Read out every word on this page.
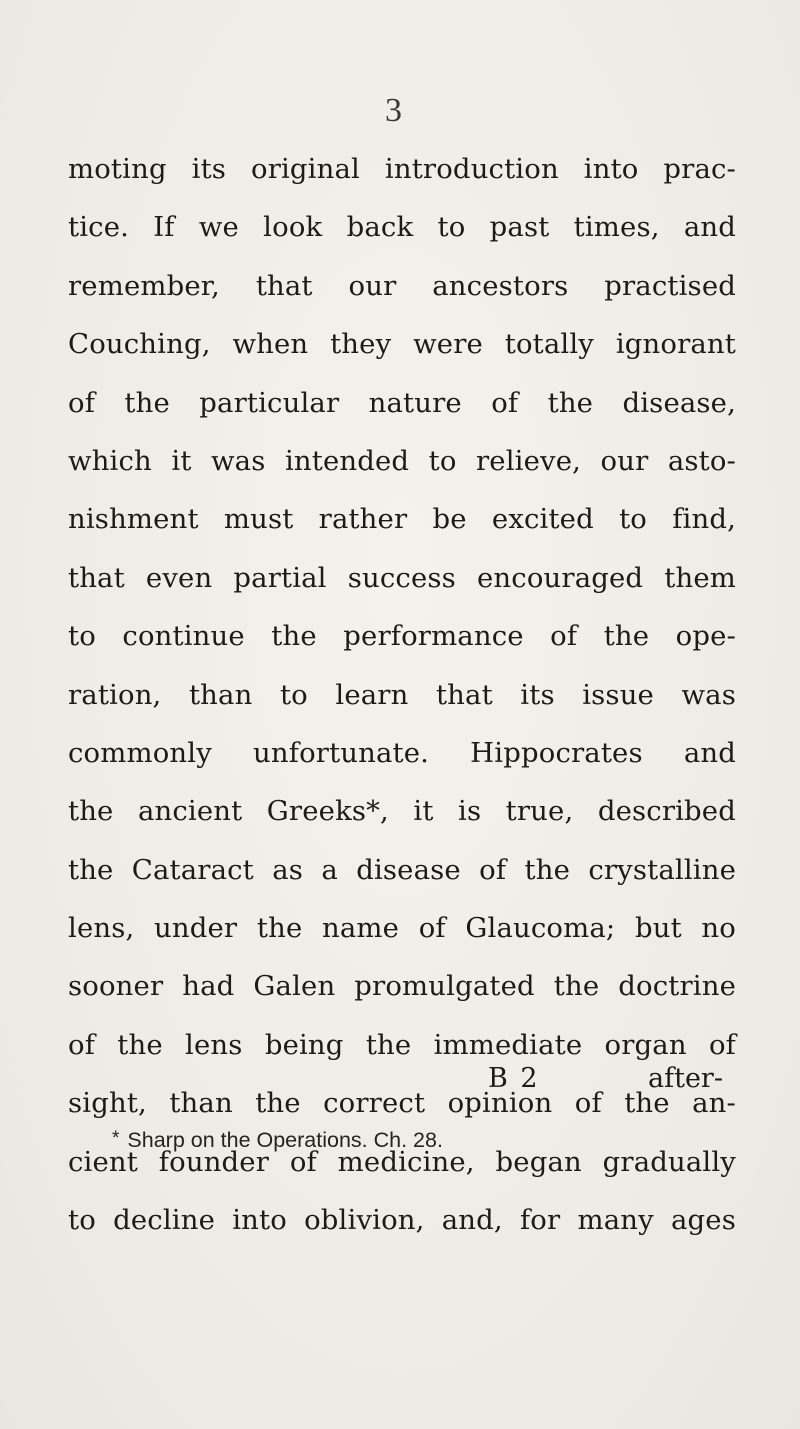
3
moting its original introduction into prac-
tice. If we look back to past times, and
remember, that our ancestors practised
Couching, when they were totally ignorant
of the particular nature of the disease,
which it was intended to relieve, our asto-
nishment must rather be excited to find,
that even partial success encouraged them
to continue the performance of the ope-
ration, than to learn that its issue was
commonly unfortunate. Hippocrates and
the ancient Greeks*, it is true, described
the Cataract as a disease of the crystalline
lens, under the name of Glaucoma; but no
sooner had Galen promulgated the doctrine
of the lens being the immediate organ of
sight, than the correct opinion of the an-
cient founder of medicine, began gradually
to decline into oblivion, and, for many ages
B 2	after-
* Sharp on the Operations. Ch. 28.
